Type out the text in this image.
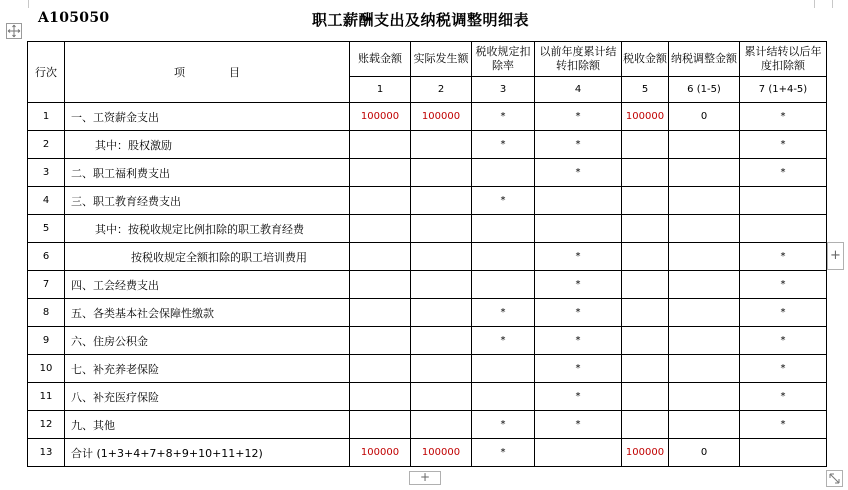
A105050	职工薪酬支出及纳税调整明细表
行次	项　　　　目	账载金额	实际发生额	税收规定扣除率	以前年度累计结转扣除额	税收金额	纳税调整金额	累计结转以后年度扣除额
		1	2	3	4	5	6 (1-5)	7 (1+4-5)
1	一、工资薪金支出	100000	100000	*	*	100000	0	*
2	其中：股权激励			*	*			*
3	二、职工福利费支出				*			*
4	三、职工教育经费支出			*				
5	其中：按税收规定比例扣除的职工教育经费							
6	按税收规定全额扣除的职工培训费用				*			*
7	四、工会经费支出				*			*
8	五、各类基本社会保障性缴款			*	*			*
9	六、住房公积金			*	*			*
10	七、补充养老保险				*			*
11	八、补充医疗保险				*			*
12	九、其他			*	*			*
13	合计 (1+3+4+7+8+9+10+11+12)	100000	100000	*		100000	0	
+
+
